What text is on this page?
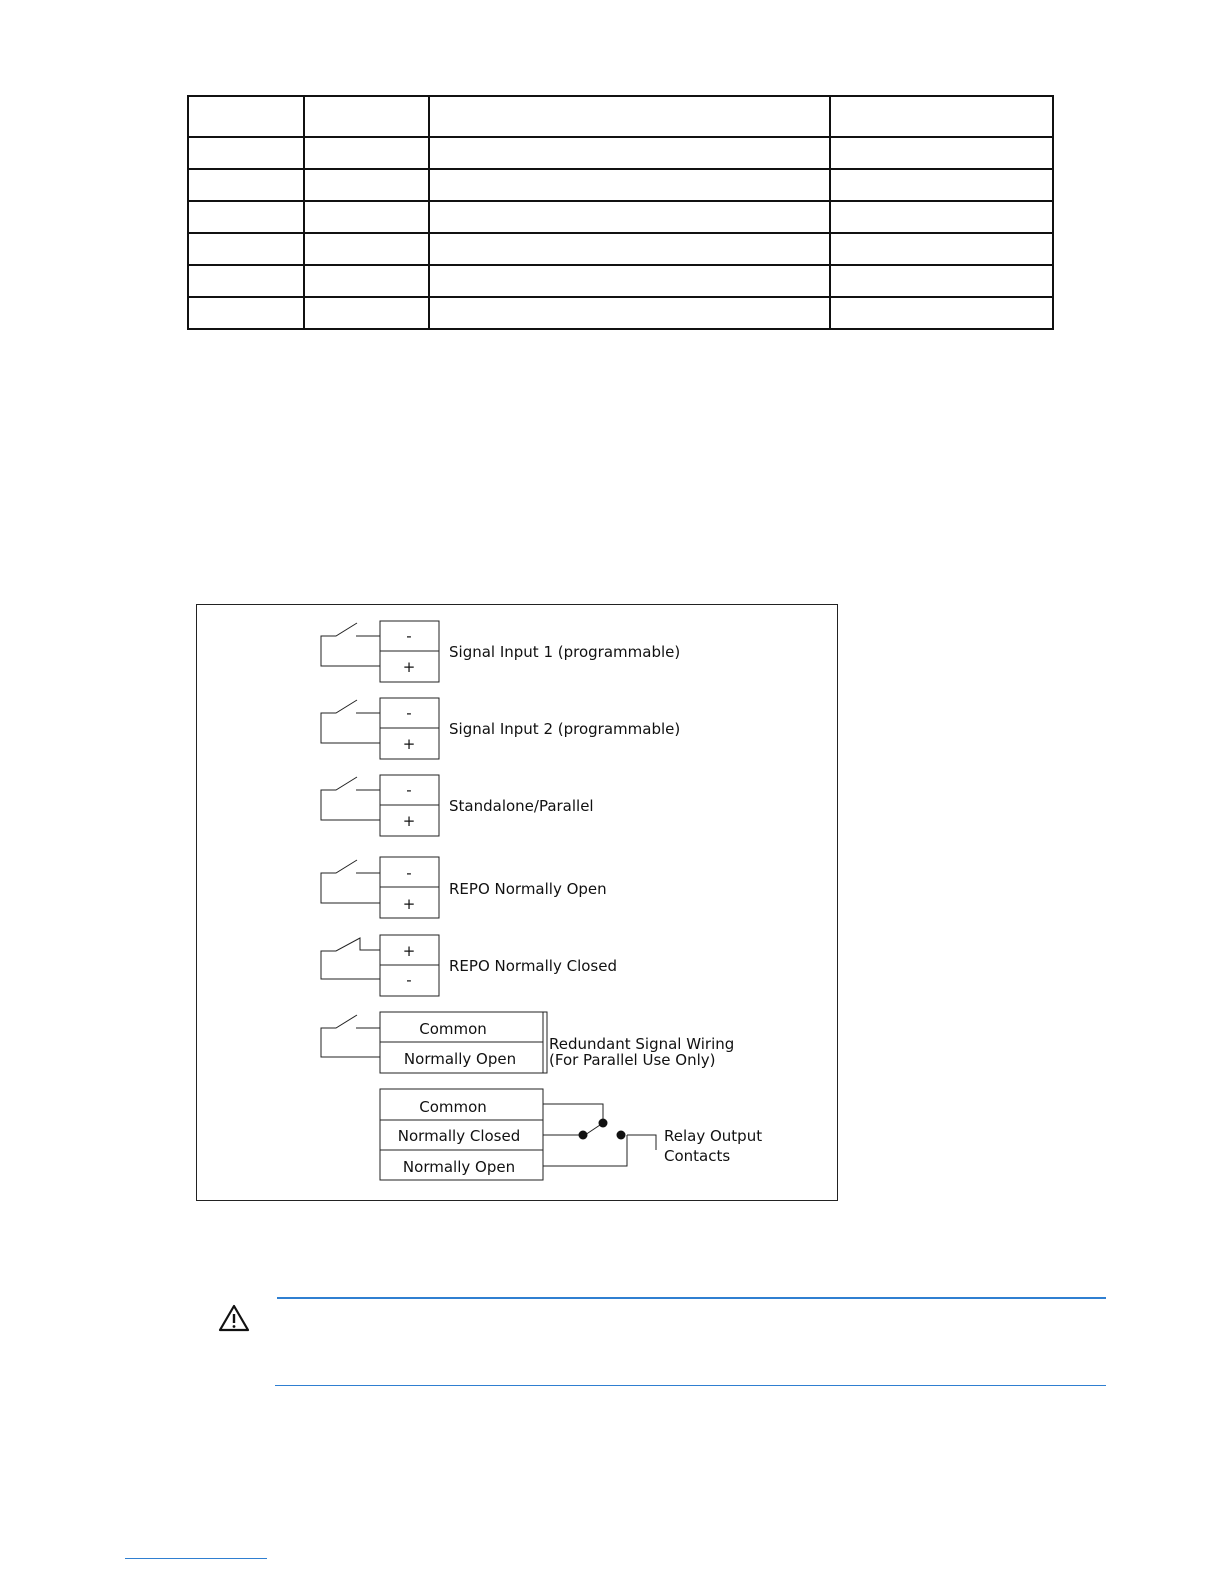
-
+
-
+
-
+
-
+
+
-
Signal Input 1 (programmable)
Signal Input 2 (programmable)
Standalone/Parallel
REPO Normally Open
REPO Normally Closed
Common
Normally Open
Redundant Signal Wiring
(For Parallel Use Only)
Common
Normally Closed
Normally Open
Relay Output
Contacts
